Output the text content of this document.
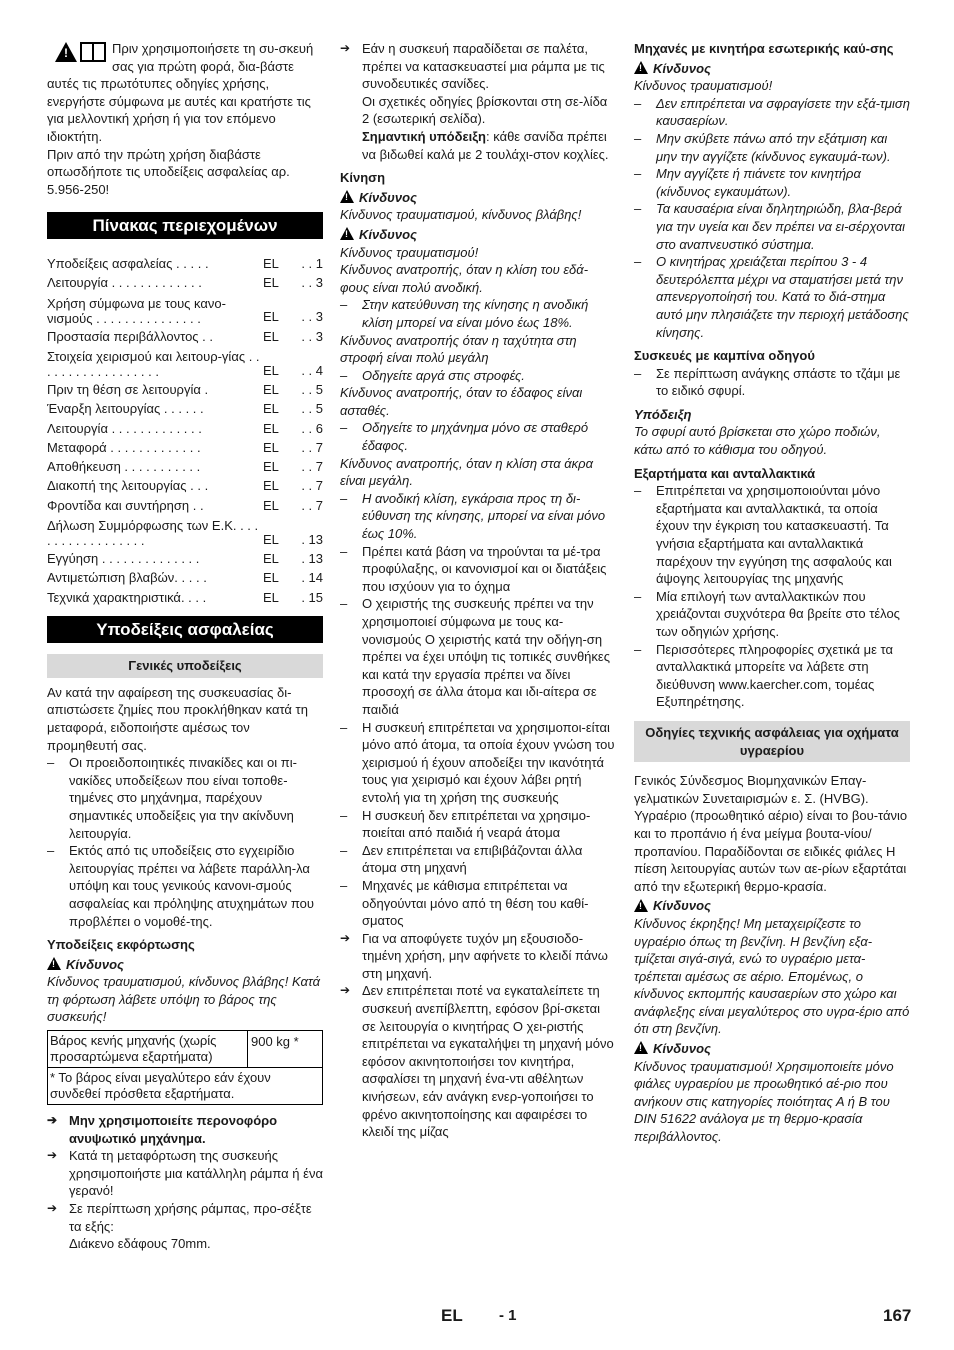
!
Πριν χρησιμοποιήσετε τη συ-σκευή σας για πρώτη φορά, δια-βάστε αυτές τις πρωτότυπες οδηγίες χρήσης, ενεργήστε σύμφωνα με αυτές και κρατήστε τις για μελλοντική χρήση ή για τον επόμενο ιδιοκτήτη.
Πριν από την πρώτη χρήση διαβάστε οπωσδήποτε τις υποδείξεις ασφαλείας αρ. 5.956-250!
Πίνακας περιεχομένων
Υποδείξεις ασφαλείας . . . . .	EL	. . 1
Λειτουργία . . . . . . . . . . . . .	EL	. . 3
Χρήση σύμφωνα με τους κανο-νισμούς . . . . . . . . . . . . . . .	EL	. . 3
Προστασία περιβάλλοντος . .	EL	. . 3
Στοιχεία χειρισμού και λειτουρ-γίας . . . . . . . . . . . . . . . . . .	EL	. . 4
Πριν τη θέση σε λειτουργία .	EL	. . 5
Έναρξη λειτουργίας . . . . . .	EL	. . 5
Λειτουργία . . . . . . . . . . . . .	EL	. . 6
Μεταφορά . . . . . . . . . . . . .	EL	. . 7
Αποθήκευση . . . . . . . . . . .	EL	. . 7
Διακοπή της λειτουργίας . . .	EL	. . 7
Φροντίδα και συντήρηση . .	EL	. . 7
Δήλωση Συμμόρφωσης των Ε.Κ. . . . . . . . . . . . . . . . . .	EL	. 13
Εγγύηση . . . . . . . . . . . . . .	EL	. 13
Αντιμετώπιση βλαβών. . . . .	EL	. 14
Τεχνικά χαρακτηριστικά. . . .	EL	. 15
Υποδείξεις ασφαλείας
Γενικές υποδείξεις
Αν κατά την αφαίρεση της συσκευασίας δι-απιστώσετε ζημίες που προκλήθηκαν κατά τη μεταφορά, ειδοποιήστε αμέσως τον προμηθευτή σας.
– Οι προειδοποιητικές πινακίδες και οι πι-νακίδες υποδείξεων που είναι τοποθε-τημένες στο μηχάνημα, παρέχουν σημαντικές υποδείξεις για την ακίνδυνη λειτουργία.
– Εκτός από τις υποδείξεις στο εγχειρίδιο λειτουργίας πρέπει να λάβετε παράλλη-λα υπόψη και τους γενικούς κανονι-σμούς ασφαλείας και πρόληψης ατυχημάτων που προβλέπει ο νομοθέ-της.
Υποδείξεις εκφόρτωσης
!
Κίνδυνος
Κίνδυνος τραυματισμού, κίνδυνος βλάβης! Κατά τη φόρτωση λάβετε υπόψη το βάρος της συσκευής!
Βάρος κενής μηχανής (χωρίς προσαρτώμενα εξαρτήματα)
900 kg *
* Το βάρος είναι μεγαλύτερο εάν έχουν συνδεθεί πρόσθετα εξαρτήματα.
➔ Μην χρησιμοποιείτε περονοφόρο ανυψωτικό μηχάνημα.
➔ Κατά τη μεταφόρτωση της συσκευής χρησιμοποιήστε μια κατάλληλη ράμπα ή ένα γερανό!
➔ Σε περίπτωση χρήσης ράμπας, προ-σέξτε τα εξής:
Διάκενο εδάφους 70mm.
➔ Εάν η συσκευή παραδίδεται σε παλέτα, πρέπει να κατασκευαστεί μια ράμπα με τις συνοδευτικές σανίδες.
Οι σχετικές οδηγίες βρίσκονται στη σε-λίδα 2 (εσωτερική σελίδα).
Σημαντική υπόδειξη: κάθε σανίδα πρέπει να βιδωθεί καλά με 2 τουλάχι-στον κοχλίες.
Κίνηση
!
Κίνδυνος
Κίνδυνος τραυματισμού, κίνδυνος βλάβης!
!
Κίνδυνος
Κίνδυνος τραυματισμού!
Κίνδυνος ανατροπής, όταν η κλίση του εδά-φους είναι πολύ ανοδική.
– Στην κατεύθυνση της κίνησης η ανοδική κλίση μπορεί να είναι μόνο έως 18%.
Κίνδυνος ανατροπής όταν η ταχύτητα στη στροφή είναι πολύ μεγάλη
– Οδηγείτε αργά στις στροφές.
Κίνδυνος ανατροπής, όταν το έδαφος είναι ασταθές.
– Οδηγείτε το μηχάνημα μόνο σε σταθερό έδαφος.
Κίνδυνος ανατροπής, όταν η κλίση στα άκρα είναι μεγάλη.
– Η ανοδική κλίση, εγκάρσια προς τη δι-εύθυνση της κίνησης, μπορεί να είναι μόνο έως 10%.
– Πρέπει κατά βάση να τηρούνται τα μέ-τρα προφύλαξης, οι κανονισμοί και οι διατάξεις που ισχύουν για το όχημα
– Ο χειριστής της συσκευής πρέπει να την χρησιμοποιεί σύμφωνα με τους κα-νονισμούς Ο χειριστής κατά την οδήγη-ση πρέπει να έχει υπόψη τις τοπικές συνθήκες και κατά την εργασία πρέπει να δίνει προσοχή σε άλλα άτομα και ιδι-αίτερα σε παιδιά
– Η συσκευή επιτρέπεται να χρησιμοποι-είται μόνο από άτομα, τα οποία έχουν γνώση του χειρισμού ή έχουν αποδείξει την ικανότητά τους για χειρισμό και έχουν λάβει ρητή εντολή για τη χρήση της συσκευής
– Η συσκευή δεν επιτρέπεται να χρησιμο-ποιείται από παιδιά ή νεαρά άτομα
– Δεν επιτρέπεται να επιβιβάζονται άλλα άτομα στη μηχανή
– Μηχανές με κάθισμα επιτρέπεται να οδηγούνται μόνο από τη θέση του καθί-σματος
➔ Για να αποφύγετε τυχόν μη εξουσιοδο-τημένη χρήση, μην αφήνετε το κλειδί πάνω στη μηχανή.
➔ Δεν επιτρέπεται ποτέ να εγκαταλείπετε τη συσκευή ανεπίβλεπτη, εφόσον βρί-σκεται σε λειτουργία ο κινητήρας Ο χει-ριστής επιτρέπεται να εγκαταλήψει τη μηχανή μόνο εφόσον ακινητοποιήσει τον κινητήρα, ασφαλίσει τη μηχανή ένα-ντι αθέλητων κινήσεων, εάν ανάγκη ενερ-γοποιήσει το φρένο ακινητοποίησης και αφαιρέσει το κλειδί της μίζας
Μηχανές με κινητήρα εσωτερικής καύ-σης
!
Κίνδυνος
Κίνδυνος τραυματισμού!
– Δεν επιτρέπεται να σφραγίσετε την εξά-τμιση καυσαερίων.
– Μην σκύβετε πάνω από την εξάτμιση και μην την αγγίζετε (κίνδυνος εγκαυμά-των).
– Μην αγγίζετε ή πιάνετε τον κινητήρα (κίνδυνος εγκαυμάτων).
– Τα καυσαέρια είναι δηλητηριώδη, βλα-βερά για την υγεία και δεν πρέπει να ει-σέρχονται στο αναπνευστικό σύστημα.
– Ο κινητήρας χρειάζεται περίπου 3 - 4 δευτερόλεπτα μέχρι να σταματήσει μετά την απενεργοποίησή του. Κατά το διά-στημα αυτό μην πλησιάζετε την περιοχή μετάδοσης κίνησης.
Συσκευές με καμπίνα οδηγού
– Σε περίπτωση ανάγκης σπάστε το τζάμι με το ειδικό σφυρί.
Υπόδειξη
Το σφυρί αυτό βρίσκεται στο χώρο ποδιών, κάτω από το κάθισμα του οδηγού.
Εξαρτήματα και ανταλλακτικά
– Επιτρέπεται να χρησιμοποιούνται μόνο εξαρτήματα και ανταλλακτικά, τα οποία έχουν την έγκριση του κατασκευαστή. Τα γνήσια εξαρτήματα και ανταλλακτικά παρέχουν την εγγύηση της ασφαλούς και άψογης λειτουργίας της μηχανής
– Μία επιλογή των ανταλλακτικών που χρειάζονται συχνότερα θα βρείτε στο τέλος των οδηγιών χρήσης.
– Περισσότερες πληροφορίες σχετικά με τα ανταλλακτικά μπορείτε να λάβετε στη διεύθυνση www.kaercher.com, τομέας Εξυπηρέτησης.
Οδηγίες τεχνικής ασφάλειας για οχήματα υγραερίου
Γενικός Σύνδεσμος Βιομηχανικών Επαγ-γελματικών Συνεταιρισμών ε. Σ. (HVBG). Υγραέριο (προωθητικό αέριο) είναι το βου-τάνιο και το προπάνιο ή ένα μείγμα βουτα-νίου/προπανίου. Παραδίδονται σε ειδικές φιάλες Η πίεση λειτουργίας αυτών των αε-ρίων εξαρτάται από την εξωτερική θερμο-κρασία.
!
Κίνδυνος
Κίνδυνος έκρηξης! Μη μεταχειρίζεστε το υγραέριο όπως τη βενζίνη. Η βενζίνη εξα-τμίζεται σιγά-σιγά, ενώ το υγραέριο μετα-τρέπεται αμέσως σε αέριο. Επομένως, ο κίνδυνος εκπομπής καυσαερίων στο χώρο και ανάφλεξης είναι μεγαλύτερος στο υγρα-έριο από ότι στη βενζίνη.
!
Κίνδυνος
Κίνδυνος τραυματισμού! Χρησιμοποιείτε μόνο φιάλες υγραερίου με προωθητικό αέ-ριο που ανήκουν στις κατηγορίες ποιότητας Α ή Β του DIN 51622 ανάλογα με τη θερμο-κρασία περιβάλλοντος.
EL - 1	167
